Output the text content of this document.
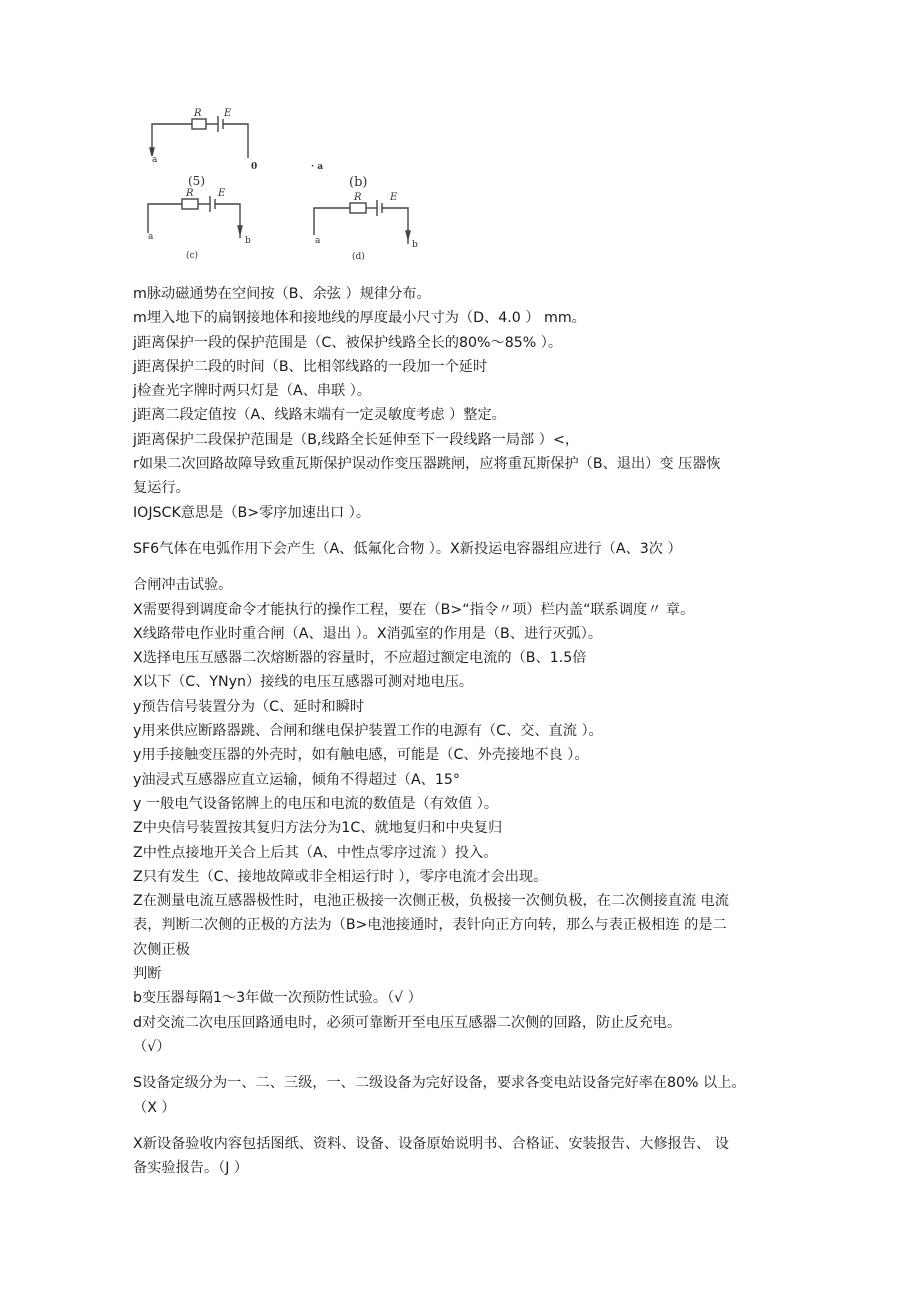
R E
a
0	· a
(5)	(b)
R E
a	b
(c)
R	E
a	b
(d)

m脉动磁通势在空间按（B、余弦 ）规律分布。

m埋入地下的扁钢接地体和接地线的厚度最小尺寸为（D、4.0 ） mm。

j距离保护一段的保护范围是（C、被保护线路全长的80%～85% ）。

j距离保护二段的时间（B、比相邻线路的一段加一个延时

j检查光字牌时两只灯是（A、串联 ）。

j距离二段定值按（A、线路末端有一定灵敏度考虑 ）整定。

j距离保护二段保护范围是（B,线路全长延伸至下一段线路一局部 ）<，

r如果二次回路故障导致重瓦斯保护误动作变压器跳闸，应将重瓦斯保护（B、退出）变 压器恢

复运行。

IOJSCK意思是（B>零序加速出口 ）。

SF6气体在电弧作用下会产生（A、低氟化合物 ）。X新投运电容器组应进行（A、3次 ）

合闸冲击试验。

X需要得到调度命令才能执行的操作工程，要在（B>“指令〃项）栏内盖“联系调度〃 章。

X线路带电作业时重合闸（A、退出 ）。X消弧室的作用是（B、进行灭弧）。

X选择电压互感器二次熔断器的容量时，不应超过额定电流的（B、1.5倍

X以下（C、YNyn）接线的电压互感器可测对地电压。

y预告信号装置分为（C、延时和瞬时

y用来供应断路器跳、合闸和继电保护装置工作的电源有（C、交、直流 ）。

y用手接触变压器的外壳时，如有触电感，可能是（C、外壳接地不良 ）。

y油浸式互感器应直立运输，倾角不得超过（A、15°

y 一般电气设备铭牌上的电压和电流的数值是（有效值 ）。

Z中央信号装置按其复归方法分为1C、就地复归和中央复归

Z中性点接地开关合上后其（A、中性点零序过流 ）投入。

Z只有发生（C、接地故障或非全相运行时 ），零序电流才会出现。

Z在测量电流互感器极性时，电池正极接一次侧正极，负极接一次侧负极，在二次侧接直流 电流

表，判断二次侧的正极的方法为（B>电池接通时，表针向正方向转，那么与表正极相连 的是二

次侧正极

判断

b变压器每隔1～3年做一次预防性试验。（√ ）

d对交流二次电压回路通电时，必须可靠断开至电压互感器二次侧的回路，防止反充电。

（√）

S设备定级分为一、二、三级，一、二级设备为完好设备，要求各变电站设备完好率在80% 以上。

（X ）

X新设备验收内容包括图纸、资料、设备、设备原始说明书、合格证、安装报告、大修报告、 设

备实验报告。（J ）
